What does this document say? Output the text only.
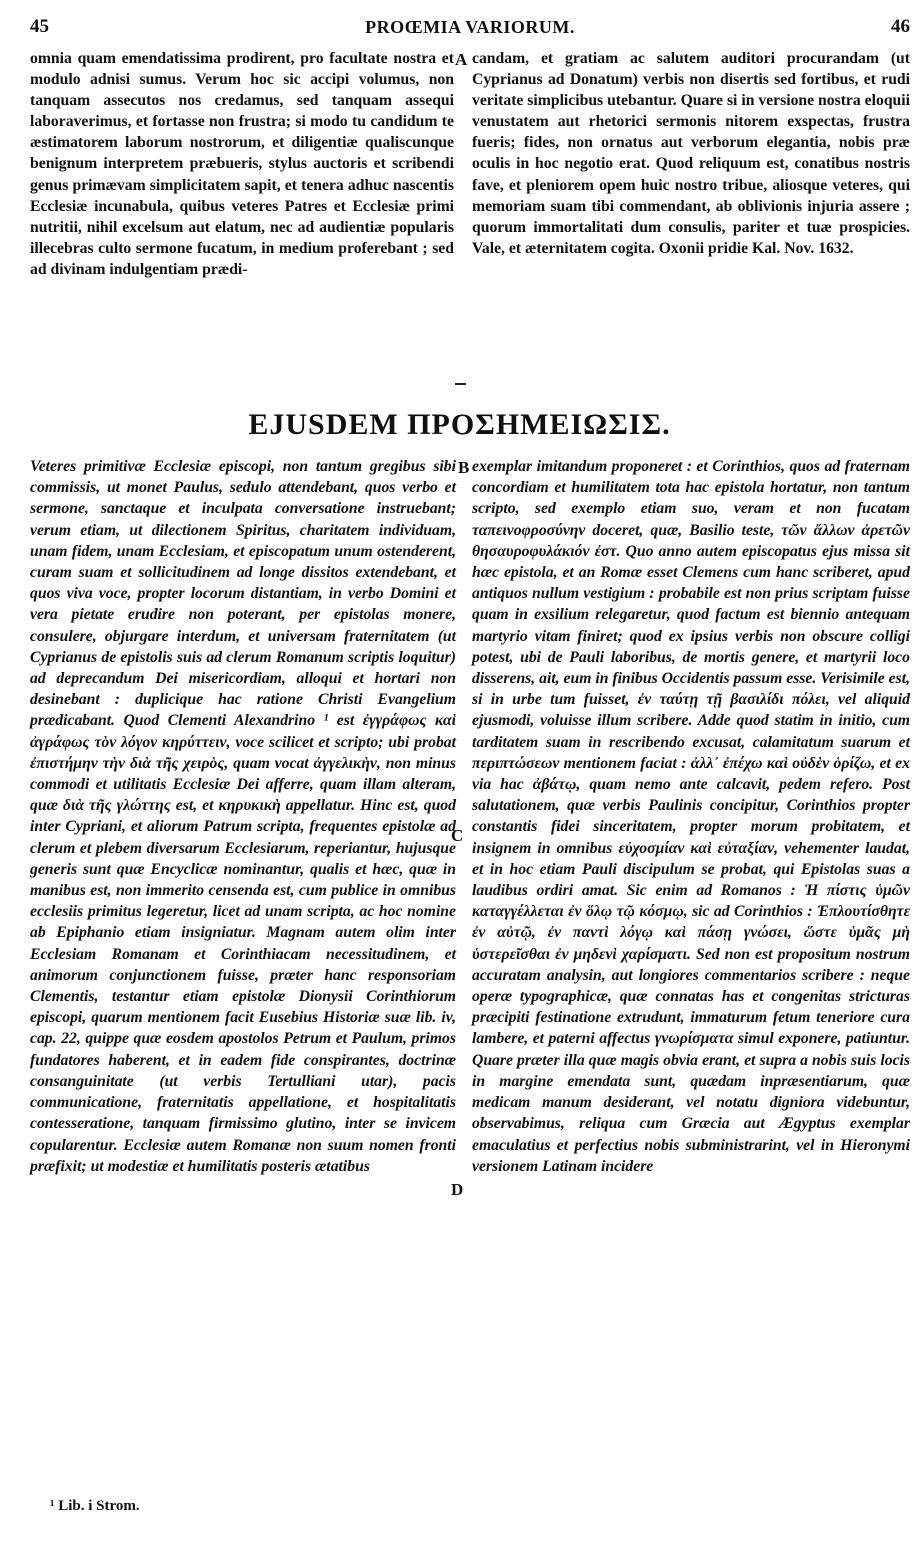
45	PROŒMIA VARIORUM.	46

omnia quam emendatissima prodirent, pro facultate nostra et modulo adnisi sumus. Verum hoc sic accipi volumus, non tanquam assecutos nos credamus, sed tanquam assequi laboraverimus, et fortasse non frustra; si modo tu candidum te æstimatorem laborum nostrorum, et diligentiæ qualiscunque benignum interpretem præbueris, stylus auctoris et scribendi genus primævam simplicitatem sapit, et tenera adhuc nascentis Ecclesiæ incunabula, quibus veteres Patres et Ecclesiæ primi nutritii, nihil excelsum aut elatum, nec ad audientiæ popularis illecebras culto sermone fucatum, in medium proferebant ; sed ad divinam indulgentiam prædi-

A candam, et gratiam ac salutem auditori procurandam (ut Cyprianus ad Donatum) verbis non disertis sed fortibus, et rudi veritate simplicibus utebantur. Quare si in versione nostra eloquii venustatem aut rhetorici sermonis nitorem exspectas, frustra fueris; fides, non ornatus aut verborum elegantia, nobis præ oculis in hoc negotio erat. Quod reliquum est, conatibus nostris fave, et pleniorem opem huic nostro tribue, aliosque veteres, qui memoriam suam tibi commendant, ab oblivionis injuria assere ; quorum immortalitati dum consulis, pariter et tuæ prospicies. Vale, et æternitatem cogita. Oxonii pridie Kal. Nov. 1632.

EJUSDEM ΠΡΟΣΗΜΕΙΩΣΙΣ.

Veteres primitivæ Ecclesiæ episcopi, non tantum gregibus sibi commissis, ut monet Paulus, sedulo attendebant, quos verbo et sermone, sanctaque et inculpata conversatione instruebant; verum etiam, ut dilectionem Spiritus, charitatem individuam, unam fidem, unam Ecclesiam, et episcopatum unum ostenderent, curam suam et sollicitudinem ad longe dissitos extendebant, et quos viva voce, propter locorum distantiam, in verbo Domini et vera pietate erudire non poterant, per epistolas monere, consulere, objurgare interdum, et universam fraternitatem (ut Cyprianus de epistolis suis ad clerum Romanum scriptis loquitur) ad deprecandum Dei misericordiam, alloqui et hortari non desinebant : duplicique hac ratione Christi Evangelium prædicabant. Quod Clementi Alexandrino ¹ est ἐγγράφως καὶ ἀγράφως τὸν λόγον κηρύττειν, voce scilicet et scripto; ubi probat ἐπιστήμην τὴν διὰ τῆς χειρὸς, quam vocat ἀγγελικὴν, non minus commodi et utilitatis Ecclesiæ Dei afferre, quam illam alteram, quæ διὰ τῆς γλώττης est, et κηρυκικὴ appellatur. Hinc est, quod inter Cypriani, et aliorum Patrum scripta, frequentes epistolæ ad clerum et plebem diversarum Ecclesiarum, reperiantur, hujusque generis sunt quæ Encyclicæ nominantur, qualis et hæc, quæ in manibus est, non immerito censenda est, cum publice in omnibus ecclesiis primitus legeretur, licet ad unam scripta, ac hoc nomine ab Epiphanio etiam insigniatur. Magnam autem olim inter Ecclesiam Romanam et Corinthiacam necessitudinem, et animorum conjunctionem fuisse, præter hanc responsoriam Clementis, testantur etiam epistolæ Dionysii Corinthiorum episcopi, quarum mentionem facit Eusebius Historiæ suæ lib. iv, cap. 22, quippe quæ eosdem apostolos Petrum et Paulum, primos fundatores haberent, et in eadem fide conspirantes, doctrinæ consanguinitate (ut verbis Tertulliani utar), pacis communicatione, fraternitatis appellatione, et hospitalitatis contesseratione, tanquam firmissimo glutino, inter se invicem copularentur. Ecclesiæ autem Romanæ non suum nomen fronti præfixit; ut modestiæ et humilitatis posteris ætatibus

B
C
D

exemplar imitandum proponeret : et Corinthios, quos ad fraternam concordiam et humilitatem tota hac epistola hortatur, non tantum scripto, sed exemplo etiam suo, veram et non fucatam ταπεινοφροσύνην doceret, quæ, Basilio teste, τῶν ἄλλων ἀρετῶν θησαυροφυλάκιόν ἐστ. Quo anno autem episcopatus ejus missa sit hæc epistola, et an Romæ esset Clemens cum hanc scriberet, apud antiquos nullum vestigium : probabile est non prius scriptam fuisse quam in exsilium relegaretur, quod factum est biennio antequam martyrio vitam finiret; quod ex ipsius verbis non obscure colligi potest, ubi de Pauli laboribus, de mortis genere, et martyrii loco disserens, ait, eum in finibus Occidentis passum esse. Verisimile est, si in urbe tum fuisset, ἐν ταύτῃ τῇ βασιλίδι πόλει, vel aliquid ejusmodi, voluisse illum scribere. Adde quod statim in initio, cum tarditatem suam in rescribendo excusat, calamitatum suarum et περιπτώσεων mentionem faciat : ἀλλ᾽ ἐπέχω καὶ οὐδὲν ὁρίζω, et ex via hac ἀβάτῳ, quam nemo ante calcavit, pedem refero. Post salutationem, quæ verbis Paulinis concipitur, Corinthios propter constantis fidei sinceritatem, propter morum probitatem, et insignem in omnibus εὐχοσμίαν καὶ εὐταξίαν, vehementer laudat, et in hoc etiam Pauli discipulum se probat, qui Epistolas suas a laudibus ordiri amat. Sic enim ad Romanos : Ἡ πίστις ὑμῶν καταγγέλλεται ἐν ὅλῳ τῷ κόσμῳ, sic ad Corinthios : Ἐπλουτίσθητε ἐν αὐτῷ, ἐν παντὶ λόγῳ καὶ πάσῃ γνώσει, ὥστε ὑμᾶς μὴ ὑστερεῖσθαι ἐν μηδενὶ χαρίσματι. Sed non est propositum nostrum accuratam analysin, aut longiores commentarios scribere : neque operæ typographicæ, quæ connatas has et congenitas stricturas præcipiti festinatione extrudunt, immaturum fetum teneriore cura lambere, et paterni affectus γνωρίσματα simul exponere, patiuntur. Quare præter illa quæ magis obvia erant, et supra a nobis suis locis in margine emendata sunt, quædam inpræsentiarum, quæ medicam manum desiderant, vel notatu digniora videbuntur, observabimus, reliqua cum Græcia aut Ægyptus exemplar emaculatius et perfectius nobis subministrarint, vel in Hieronymi versionem Latinam incidere

¹ Lib. i Strom.
